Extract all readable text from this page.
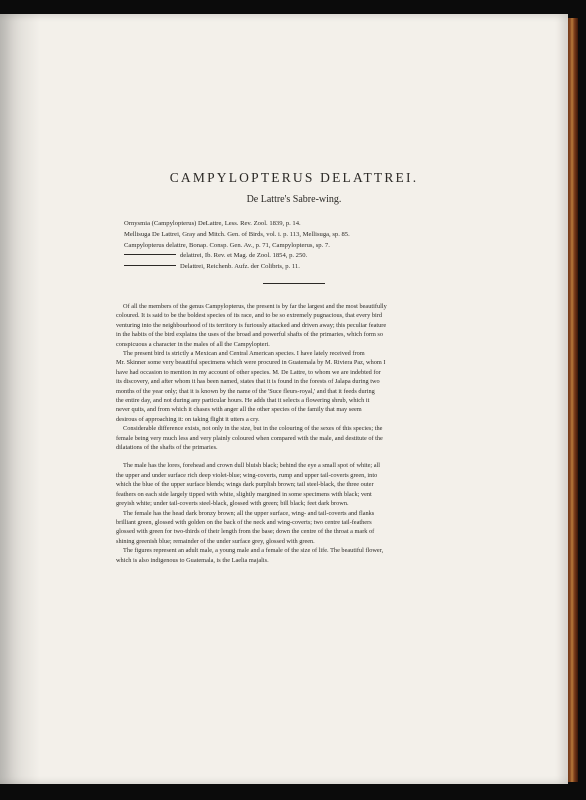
CAMPYLOPTERUS DELATTREI.
De Lattre's Sabre-wing.
Ornysmia (Campylopterus) DeLattre, Less. Rev. Zool. 1839, p. 14.
Mellisuga De Lattrei, Gray and Mitch. Gen. of Birds, vol. i. p. 113, Mellisuga, sp. 85.
Campylopterus delattre, Bonap. Consp. Gen. Av., p. 71, Campylopterus, sp. 7.
delattrei, Ib. Rev. et Mag. de Zool. 1854, p. 250.
Delattrei, Reichenb. Aufz. der Colibris, p. 11.
Of all the members of the genus Campylopterus, the present is by far the largest and the most beautifully
coloured. It is said to be the boldest species of its race, and to be so extremely pugnacious, that every bird
venturing into the neighbourhood of its territory is furiously attacked and driven away; this peculiar feature
in the habits of the bird explains the uses of the broad and powerful shafts of the primaries, which form so
conspicuous a character in the males of all the Campylopteri.
The present bird is strictly a Mexican and Central American species. I have lately received from
Mr. Skinner some very beautiful specimens which were procured in Guatemala by M. Riviera Paz, whom I
have had occasion to mention in my account of other species. M. De Lattre, to whom we are indebted for
its discovery, and after whom it has been named, states that it is found in the forests of Jalapa during two
months of the year only; that it is known by the name of the 'Suce fleurs-royal,' and that it feeds during
the entire day, and not during any particular hours. He adds that it selects a flowering shrub, which it
never quits, and from which it chases with anger all the other species of the family that may seem
desirous of approaching it: on taking flight it utters a cry.
Considerable difference exists, not only in the size, but in the colouring of the sexes of this species; the
female being very much less and very plainly coloured when compared with the male, and destitute of the
dilatations of the shafts of the primaries.
The male has the lores, forehead and crown dull bluish black; behind the eye a small spot of white; all
the upper and under surface rich deep violet-blue; wing-coverts, rump and upper tail-coverts green, into
which the blue of the upper surface blends; wings dark purplish brown; tail steel-black, the three outer
feathers on each side largely tipped with white, slightly margined in some specimens with black; vent
greyish white; under tail-coverts steel-black, glossed with green; bill black; feet dark brown.
The female has the head dark bronzy brown; all the upper surface, wing- and tail-coverts and flanks
brilliant green, glossed with golden on the back of the neck and wing-coverts; two centre tail-feathers
glossed with green for two-thirds of their length from the base; down the centre of the throat a mark of
shining greenish blue; remainder of the under surface grey, glossed with green.
The figures represent an adult male, a young male and a female of the size of life. The beautiful flower,
which is also indigenous to Guatemala, is the Laelia majalis.
